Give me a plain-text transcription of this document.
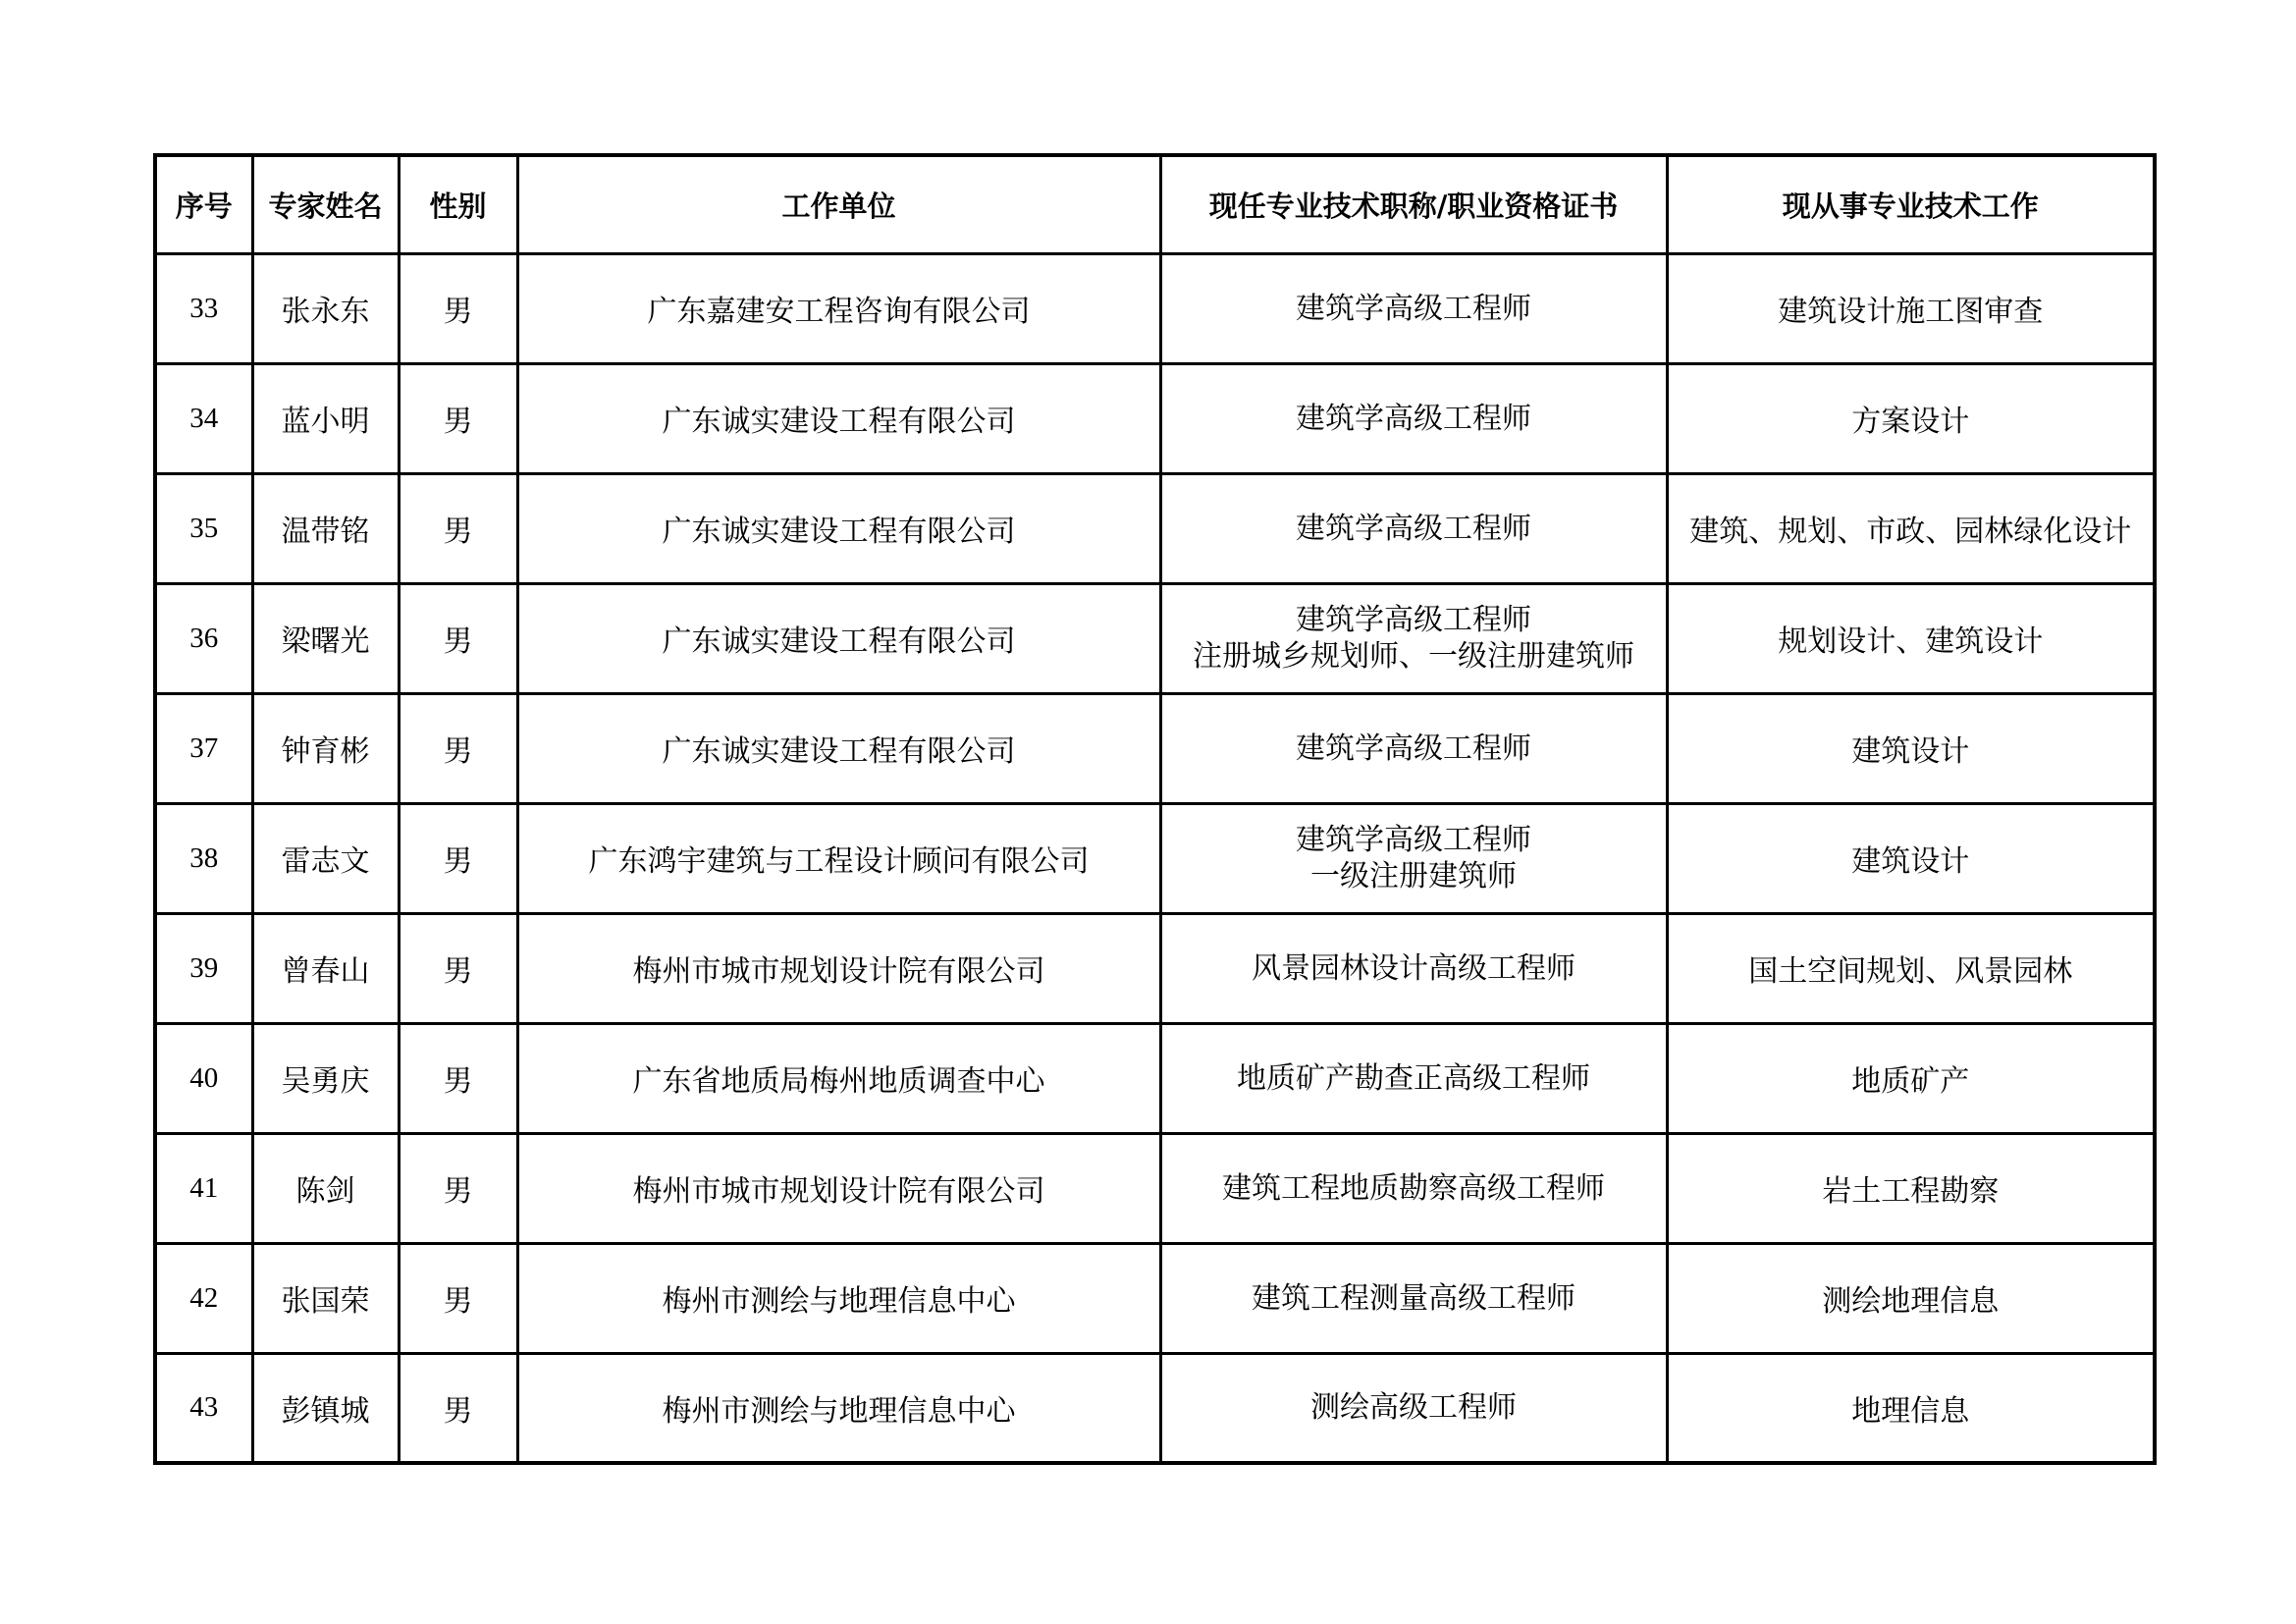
序号	专家姓名	性别	工作单位	现任专业技术职称/职业资格证书	现从事专业技术工作
33	张永东	男	广东嘉建安工程咨询有限公司	建筑学高级工程师	建筑设计施工图审查
34	蓝小明	男	广东诚实建设工程有限公司	建筑学高级工程师	方案设计
35	温带铭	男	广东诚实建设工程有限公司	建筑学高级工程师	建筑、规划、市政、园林绿化设计
36	梁曙光	男	广东诚实建设工程有限公司	建筑学高级工程师
注册城乡规划师、一级注册建筑师	规划设计、建筑设计
37	钟育彬	男	广东诚实建设工程有限公司	建筑学高级工程师	建筑设计
38	雷志文	男	广东鸿宇建筑与工程设计顾问有限公司	建筑学高级工程师
一级注册建筑师	建筑设计
39	曾春山	男	梅州市城市规划设计院有限公司	风景园林设计高级工程师	国土空间规划、风景园林
40	吴勇庆	男	广东省地质局梅州地质调查中心	地质矿产勘查正高级工程师	地质矿产
41	陈剑	男	梅州市城市规划设计院有限公司	建筑工程地质勘察高级工程师	岩土工程勘察
42	张国荣	男	梅州市测绘与地理信息中心	建筑工程测量高级工程师	测绘地理信息
43	彭镇城	男	梅州市测绘与地理信息中心	测绘高级工程师	地理信息
